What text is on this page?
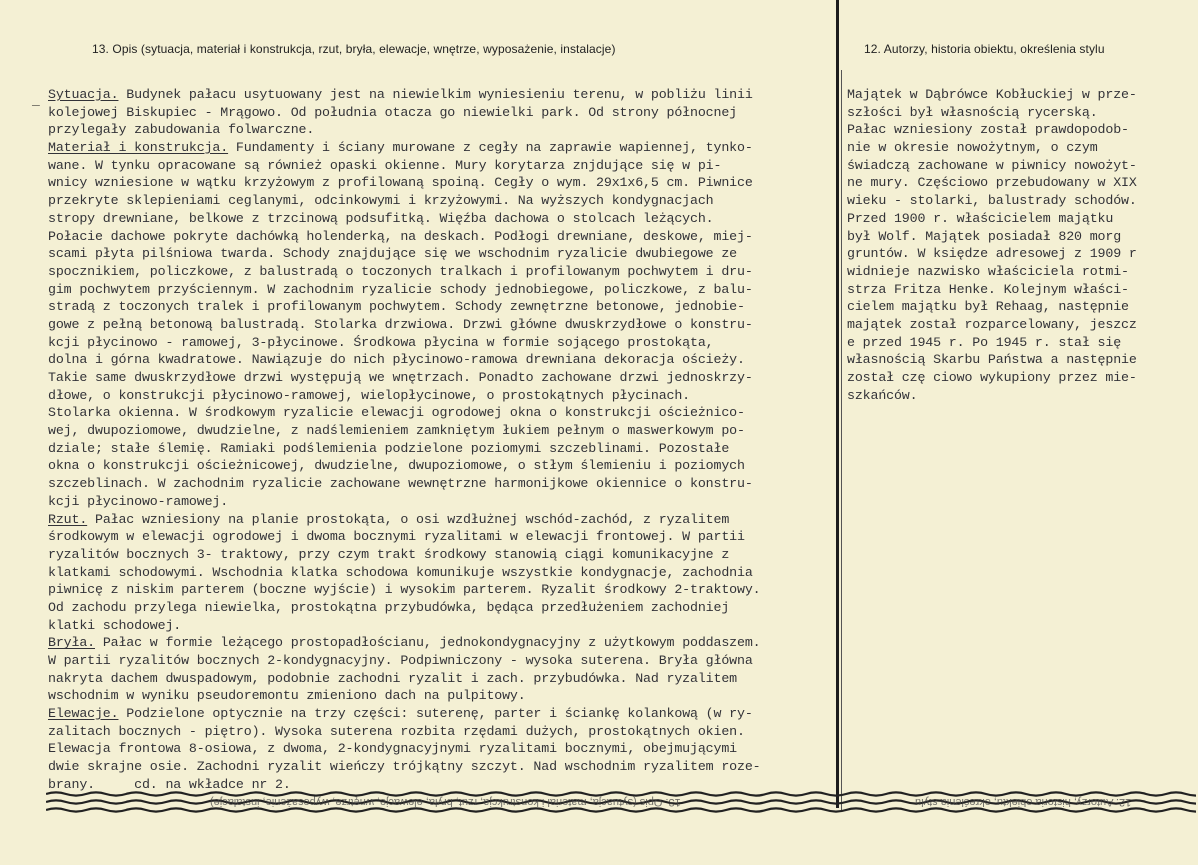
13. Opis (sytuacja, materiał i konstrukcja, rzut, bryła, elewacje, wnętrze, wyposażenie, instalacje)	12. Autorzy, historia obiektu, określenia stylu
_ Sytuacja. Budynek pałacu usytuowany jest na niewielkim wyniesieniu terenu, w pobliżu linii
kolejowej Biskupiec - Mrągowo. Od południa otacza go niewielki park. Od strony północnej
przylegały zabudowania folwarczne.
Materiał i konstrukcja. Fundamenty i ściany murowane z cegły na zaprawie wapiennej, tynko-
wane. W tynku opracowane są również opaski okienne. Mury korytarza znjdujące się w pi-
wnicy wzniesione w wątku krzyżowym z profilowaną spoiną. Cegły o wym. 29x1x6,5 cm. Piwnice
przekryte sklepieniami ceglanymi, odcinkowymi i krzyżowymi. Na wyższych kondygnacjach
stropy drewniane, belkowe z trzcinową podsufitką. Więźba dachowa o stolcach leżących.
Połacie dachowe pokryte dachówką holenderką, na deskach. Podłogi drewniane, deskowe, miej-
scami płyta pilśniowa twarda. Schody znajdujące się we wschodnim ryzalicie dwubiegowe ze
spocznikiem, policzkowe, z balustradą o toczonych tralkach i profilowanym pochwytem i dru-
gim pochwytem przyściennym. W zachodnim ryzalicie schody jednobiegowe, policzkowe, z balu-
stradą z toczonych tralek i profilowanym pochwytem. Schody zewnętrzne betonowe, jednobie-
gowe z pełną betonową balustradą. Stolarka drzwiowa. Drzwi główne dwuskrzydłowe o konstru-
kcji płycinowo - ramowej, 3-płycinowe. Środkowa płycina w formie sojącego prostokąta,
dolna i górna kwadratowe. Nawiązuje do nich płycinowo-ramowa drewniana dekoracja ościeży.
Takie same dwuskrzydłowe drzwi występują we wnętrzach. Ponadto zachowane drzwi jednoskrzy-
dłowe, o konstrukcji płycinowo-ramowej, wielopłycinowe, o prostokątnych płycinach.
Stolarka okienna. W środkowym ryzalicie elewacji ogrodowej okna o konstrukcji ościeżnico-
wej, dwupoziomowe, dwudzielne, z nadślemieniem zamkniętym łukiem pełnym o maswerkowym po-
dziale; stałe ślemię. Ramiaki podślemienia podzielone poziomymi szczeblinami. Pozostałe
okna o konstrukcji ościeżnicowej, dwudzielne, dwupoziomowe, o stłym ślemieniu i poziomych
szczeblinach. W zachodnim ryzalicie zachowane wewnętrzne harmonijkowe okiennice o konstru-
kcji płycinowo-ramowej.
Rzut. Pałac wzniesiony na planie prostokąta, o osi wzdłużnej wschód-zachód, z ryzalitem
środkowym w elewacji ogrodowej i dwoma bocznymi ryzalitami w elewacji frontowej. W partii
ryzalitów bocznych 3- traktowy, przy czym trakt środkowy stanowią ciągi komunikacyjne z
klatkami schodowymi. Wschodnia klatka schodowa komunikuje wszystkie kondygnacje, zachodnia
piwnicę z niskim parterem (boczne wyjście) i wysokim parterem. Ryzalit środkowy 2-traktowy.
Od zachodu przylega niewielka, prostokątna przybudówka, będąca przedłużeniem zachodniej
klatki schodowej.
Bryła. Pałac w formie leżącego prostopadłościanu, jednokondygnacyjny z użytkowym poddaszem.
W partii ryzalitów bocznych 2-kondygnacyjny. Podpiwniczony - wysoka suterena. Bryła główna
nakryta dachem dwuspadowym, podobnie zachodni ryzalit i zach. przybudówka. Nad ryzalitem
wschodnim w wyniku pseudoremontu zmieniono dach na pulpitowy.
Elewacje. Podzielone optycznie na trzy części: suterenę, parter i ściankę kolankową (w ry-
zalitach bocznych - piętro). Wysoka suterena rozbita rzędami dużych, prostokątnych okien.
Elewacja frontowa 8-osiowa, z dwoma, 2-kondygnacyjnymi ryzalitami bocznymi, obejmującymi
dwie skrajne osie. Zachodni ryzalit wieńczy trójkątny szczyt. Nad wschodnim ryzalitem roze-
brany.     cd. na wkładce nr 2.
Majątek w Dąbrówce Kobłuckiej w prze-
szłości był własnością rycerską.
Pałac wzniesiony został prawdopodob-
nie w okresie nowożytnym, o czym
świadczą zachowane w piwnicy nowożyt-
ne mury. Częściowo przebudowany w XIX
wieku - stolarki, balustrady schodów.
Przed 1900 r. właścicielem majątku
był Wolf. Majątek posiadał 820 morg
gruntów. W księdze adresowej z 1909 r
widnieje nazwisko właściciela rotmi-
strza Fritza Henke. Kolejnym właści-
cielem majątku był Rehaag, następnie
majątek został rozparcelowany, jeszcz
e przed 1945 r. Po 1945 r. stał się
własnością Skarbu Państwa a następnie
został czę ciowo wykupiony przez mie-
szkańców.
13. Opis (sytuacja, materiał i konstrukcja, rzut, bryła, elewacje, wnętrze, wyposażenie, instalacje)	12. Autorzy, historia obiektu, określenia stylu
